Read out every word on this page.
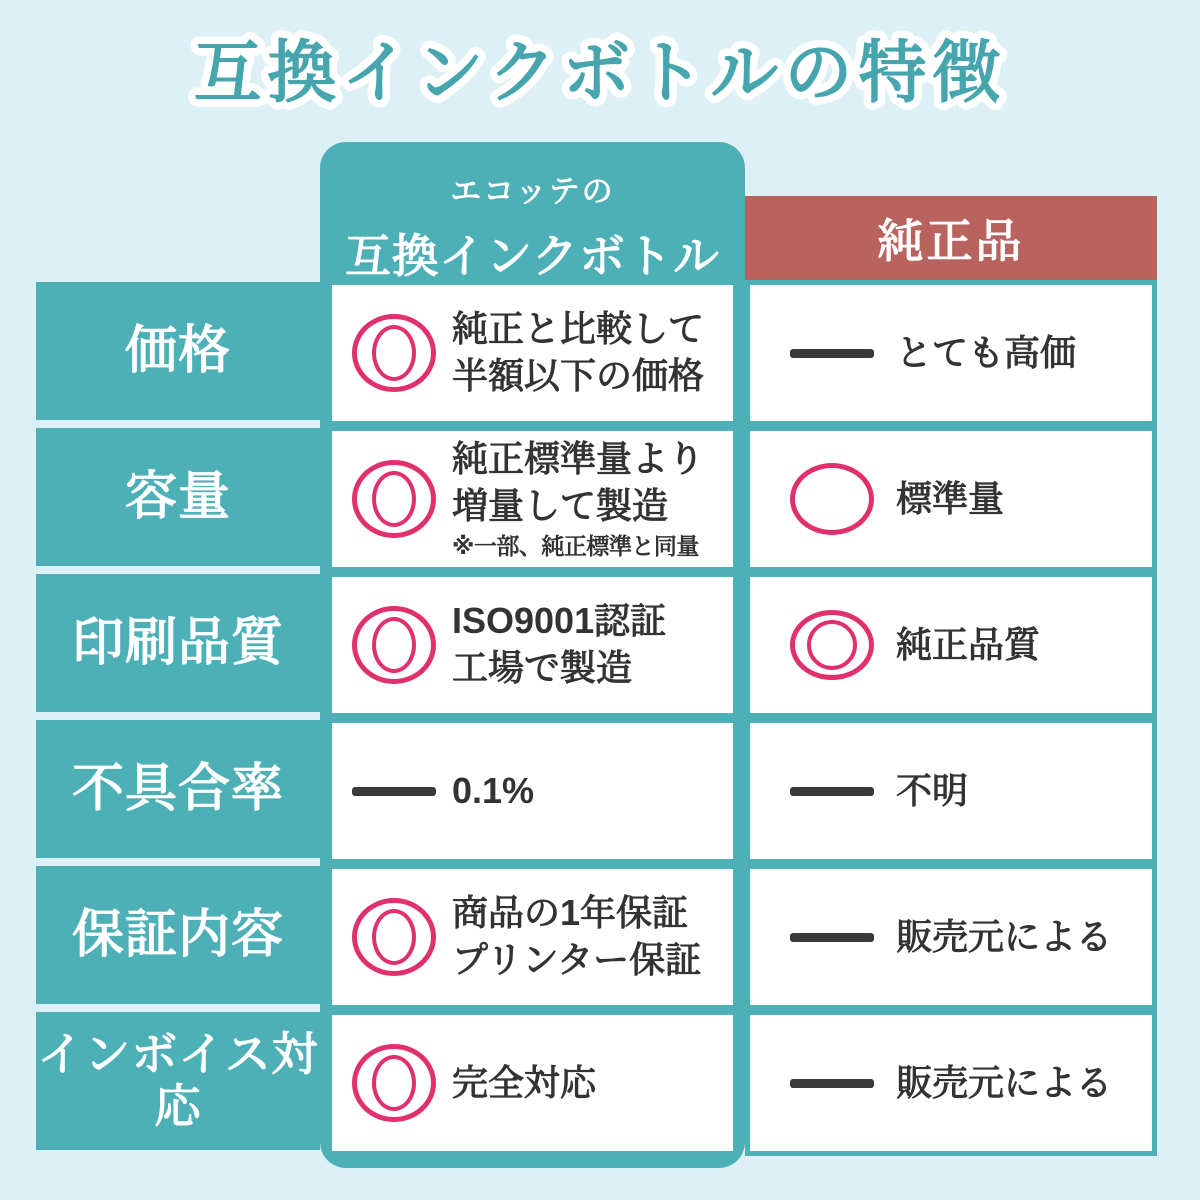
互換インクボトルの特徴
価格
容量
印刷品質
不具合率
保証内容
インボイス対応
エコッテの
互換インクボトル
純正と比較して
半額以下の価格
純正標準量より
増量して製造
※一部、純正標準と同量
ISO9001認証
工場で製造
0.1%
商品の1年保証
プリンター保証
完全対応
純正品
とても高価
標準量
純正品質
不明
販売元による
販売元による
